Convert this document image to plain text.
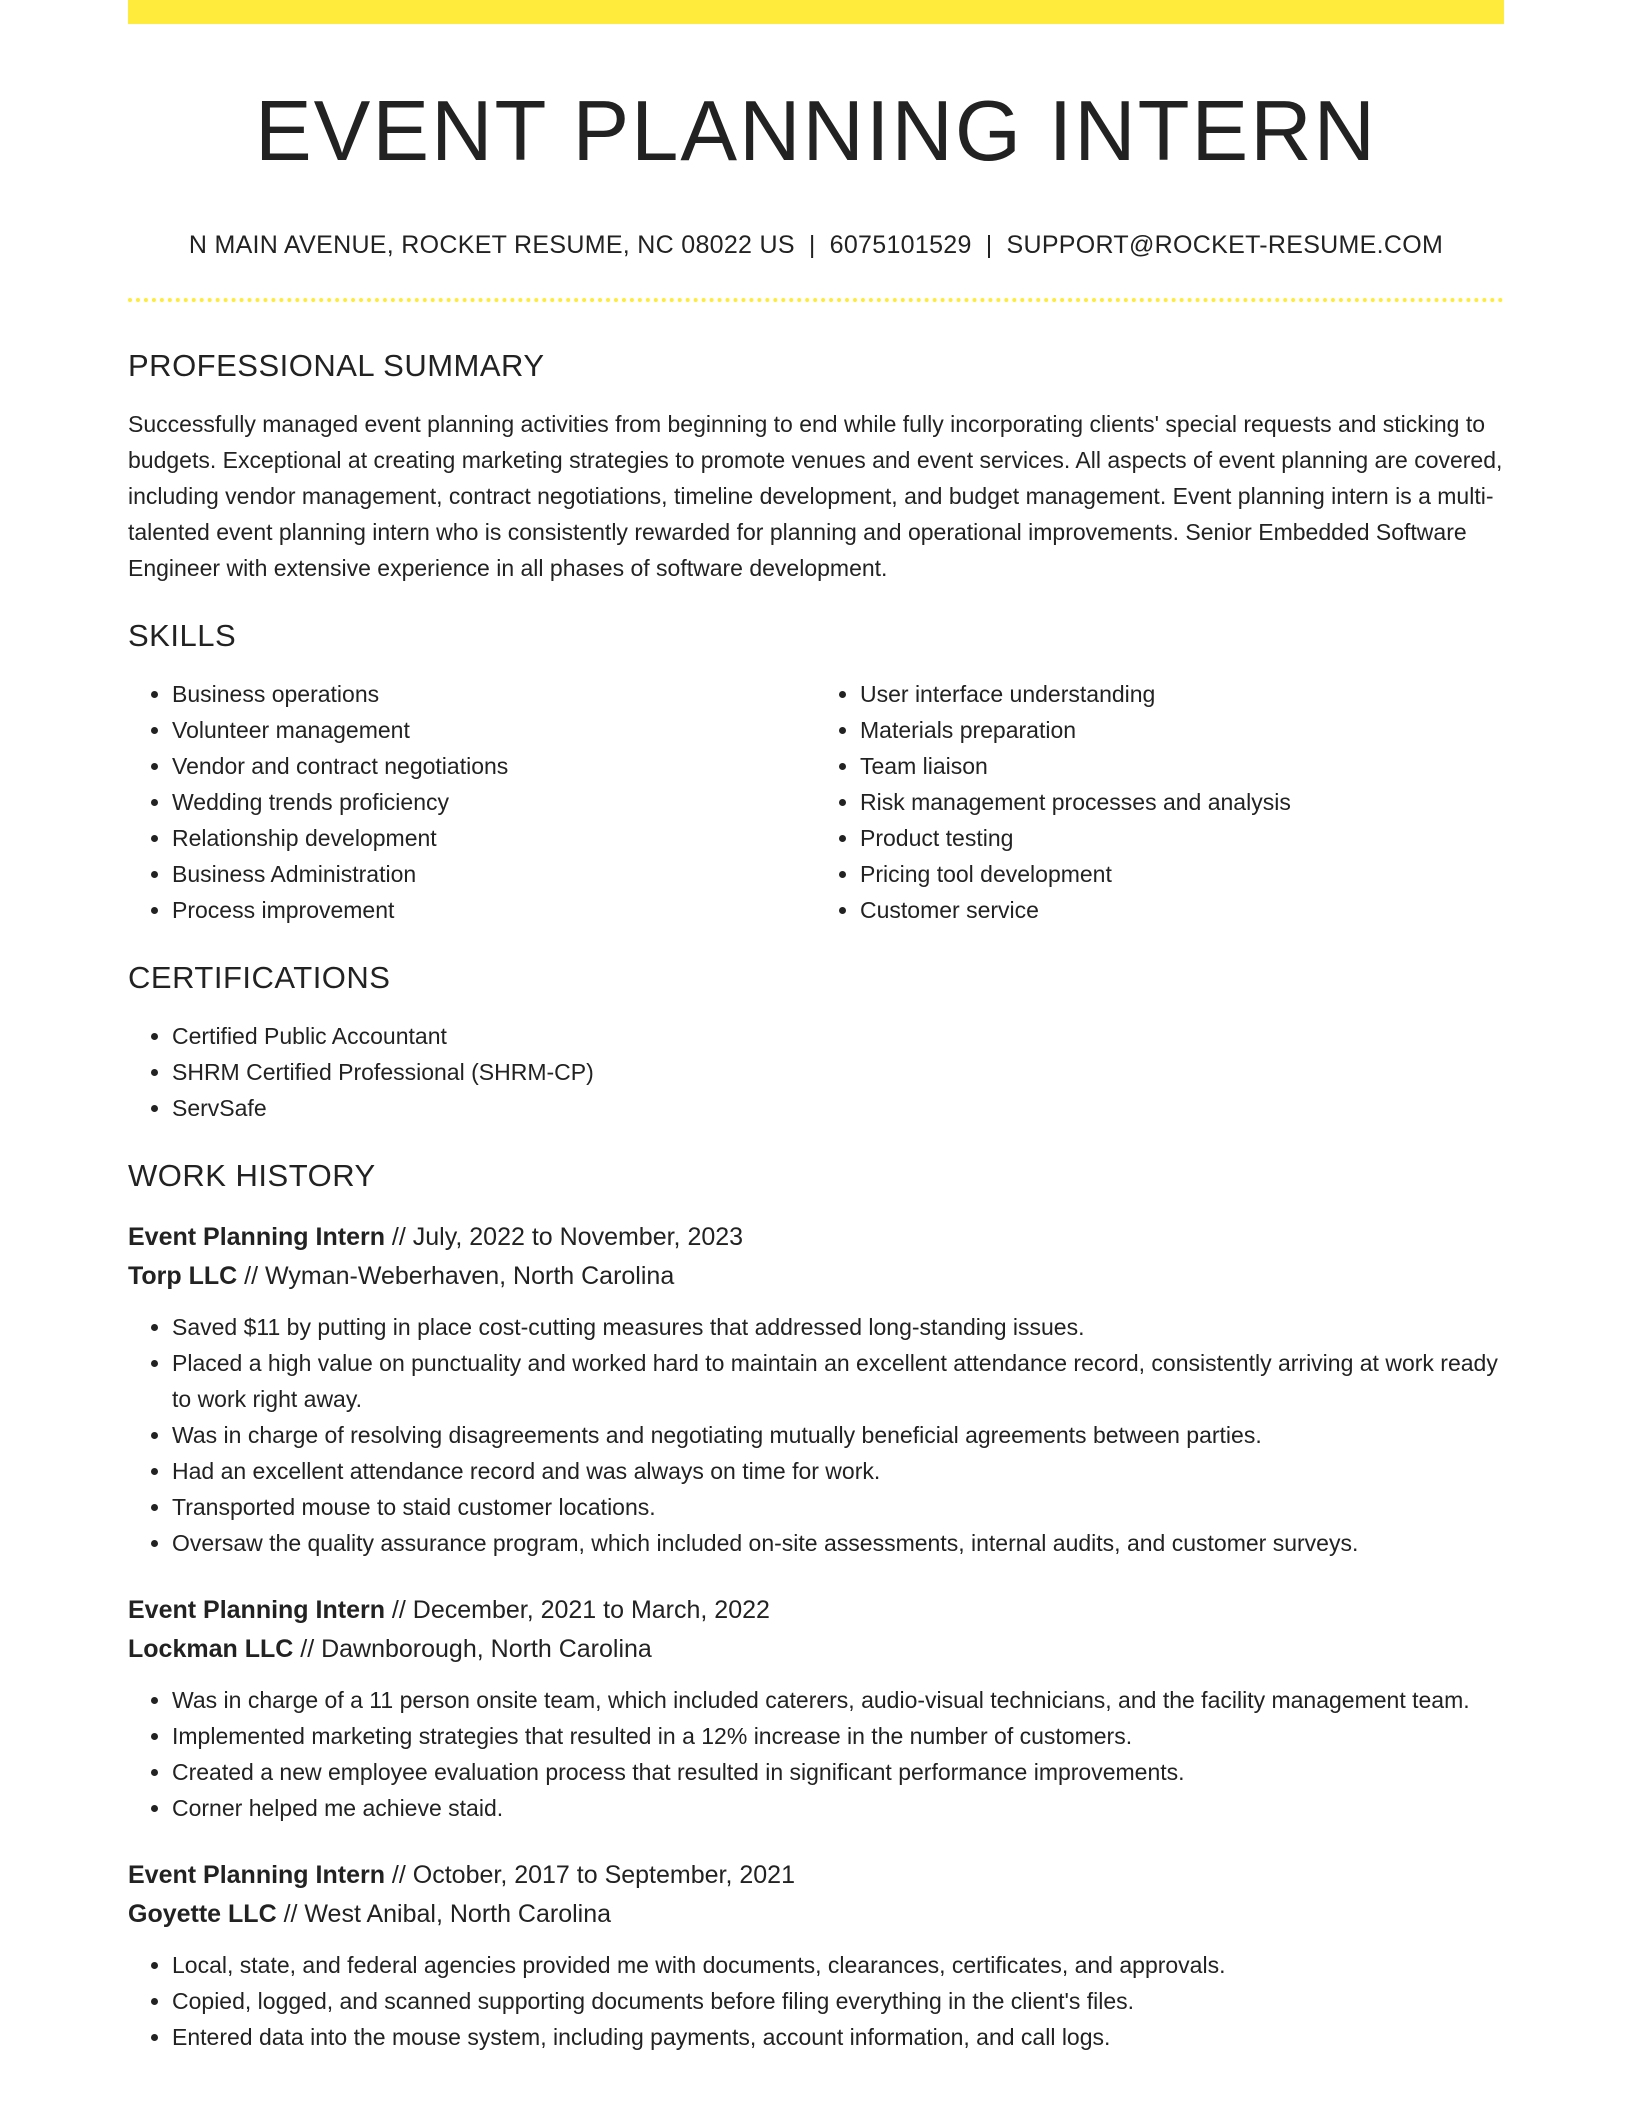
EVENT PLANNING INTERN
N MAIN AVENUE, ROCKET RESUME, NC 08022 US | 6075101529 | SUPPORT@ROCKET-RESUME.COM
PROFESSIONAL SUMMARY
Successfully managed event planning activities from beginning to end while fully incorporating clients' special requests and sticking to budgets. Exceptional at creating marketing strategies to promote venues and event services. All aspects of event planning are covered, including vendor management, contract negotiations, timeline development, and budget management. Event planning intern is a multi-talented event planning intern who is consistently rewarded for planning and operational improvements. Senior Embedded Software Engineer with extensive experience in all phases of software development.
SKILLS
• Business operations
• Volunteer management
• Vendor and contract negotiations
• Wedding trends proficiency
• Relationship development
• Business Administration
• Process improvement
• User interface understanding
• Materials preparation
• Team liaison
• Risk management processes and analysis
• Product testing
• Pricing tool development
• Customer service
CERTIFICATIONS
• Certified Public Accountant
• SHRM Certified Professional (SHRM-CP)
• ServSafe
WORK HISTORY
Event Planning Intern // July, 2022 to November, 2023
Torp LLC // Wyman-Weberhaven, North Carolina
• Saved $11 by putting in place cost-cutting measures that addressed long-standing issues.
• Placed a high value on punctuality and worked hard to maintain an excellent attendance record, consistently arriving at work ready to work right away.
• Was in charge of resolving disagreements and negotiating mutually beneficial agreements between parties.
• Had an excellent attendance record and was always on time for work.
• Transported mouse to staid customer locations.
• Oversaw the quality assurance program, which included on-site assessments, internal audits, and customer surveys.
Event Planning Intern // December, 2021 to March, 2022
Lockman LLC // Dawnborough, North Carolina
• Was in charge of a 11 person onsite team, which included caterers, audio-visual technicians, and the facility management team.
• Implemented marketing strategies that resulted in a 12% increase in the number of customers.
• Created a new employee evaluation process that resulted in significant performance improvements.
• Corner helped me achieve staid.
Event Planning Intern // October, 2017 to September, 2021
Goyette LLC // West Anibal, North Carolina
• Local, state, and federal agencies provided me with documents, clearances, certificates, and approvals.
• Copied, logged, and scanned supporting documents before filing everything in the client's files.
• Entered data into the mouse system, including payments, account information, and call logs.
